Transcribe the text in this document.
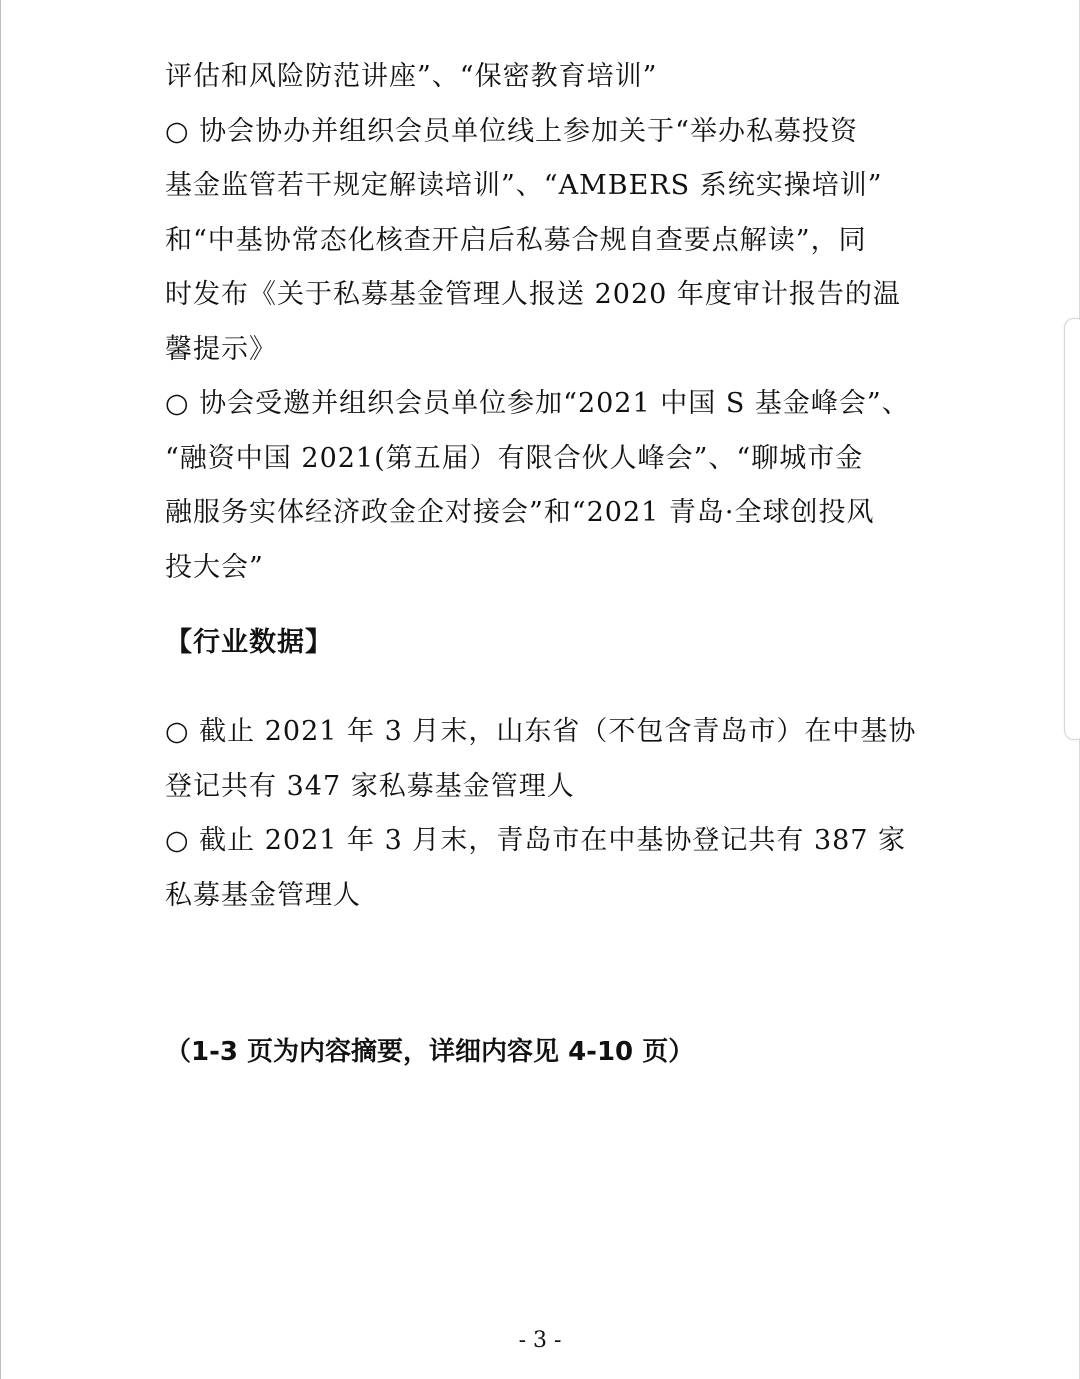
评估和风险防范讲座”、“保密教育培训”
○ 协会协办并组织会员单位线上参加关于“举办私募投资
基金监管若干规定解读培训”、“AMBERS 系统实操培训”
和“中基协常态化核查开启后私募合规自查要点解读”，同
时发布《关于私募基金管理人报送 2020 年度审计报告的温
馨提示》
○ 协会受邀并组织会员单位参加“2021 中国 S 基金峰会”、
“融资中国 2021(第五届）有限合伙人峰会”、“聊城市金
融服务实体经济政金企对接会”和“2021 青岛·全球创投风
投大会”
【行业数据】
○ 截止 2021 年 3 月末，山东省（不包含青岛市）在中基协
登记共有 347 家私募基金管理人
○ 截止 2021 年 3 月末，青岛市在中基协登记共有 387 家
私募基金管理人
（1-3 页为内容摘要，详细内容见 4-10 页）
- 3 -
